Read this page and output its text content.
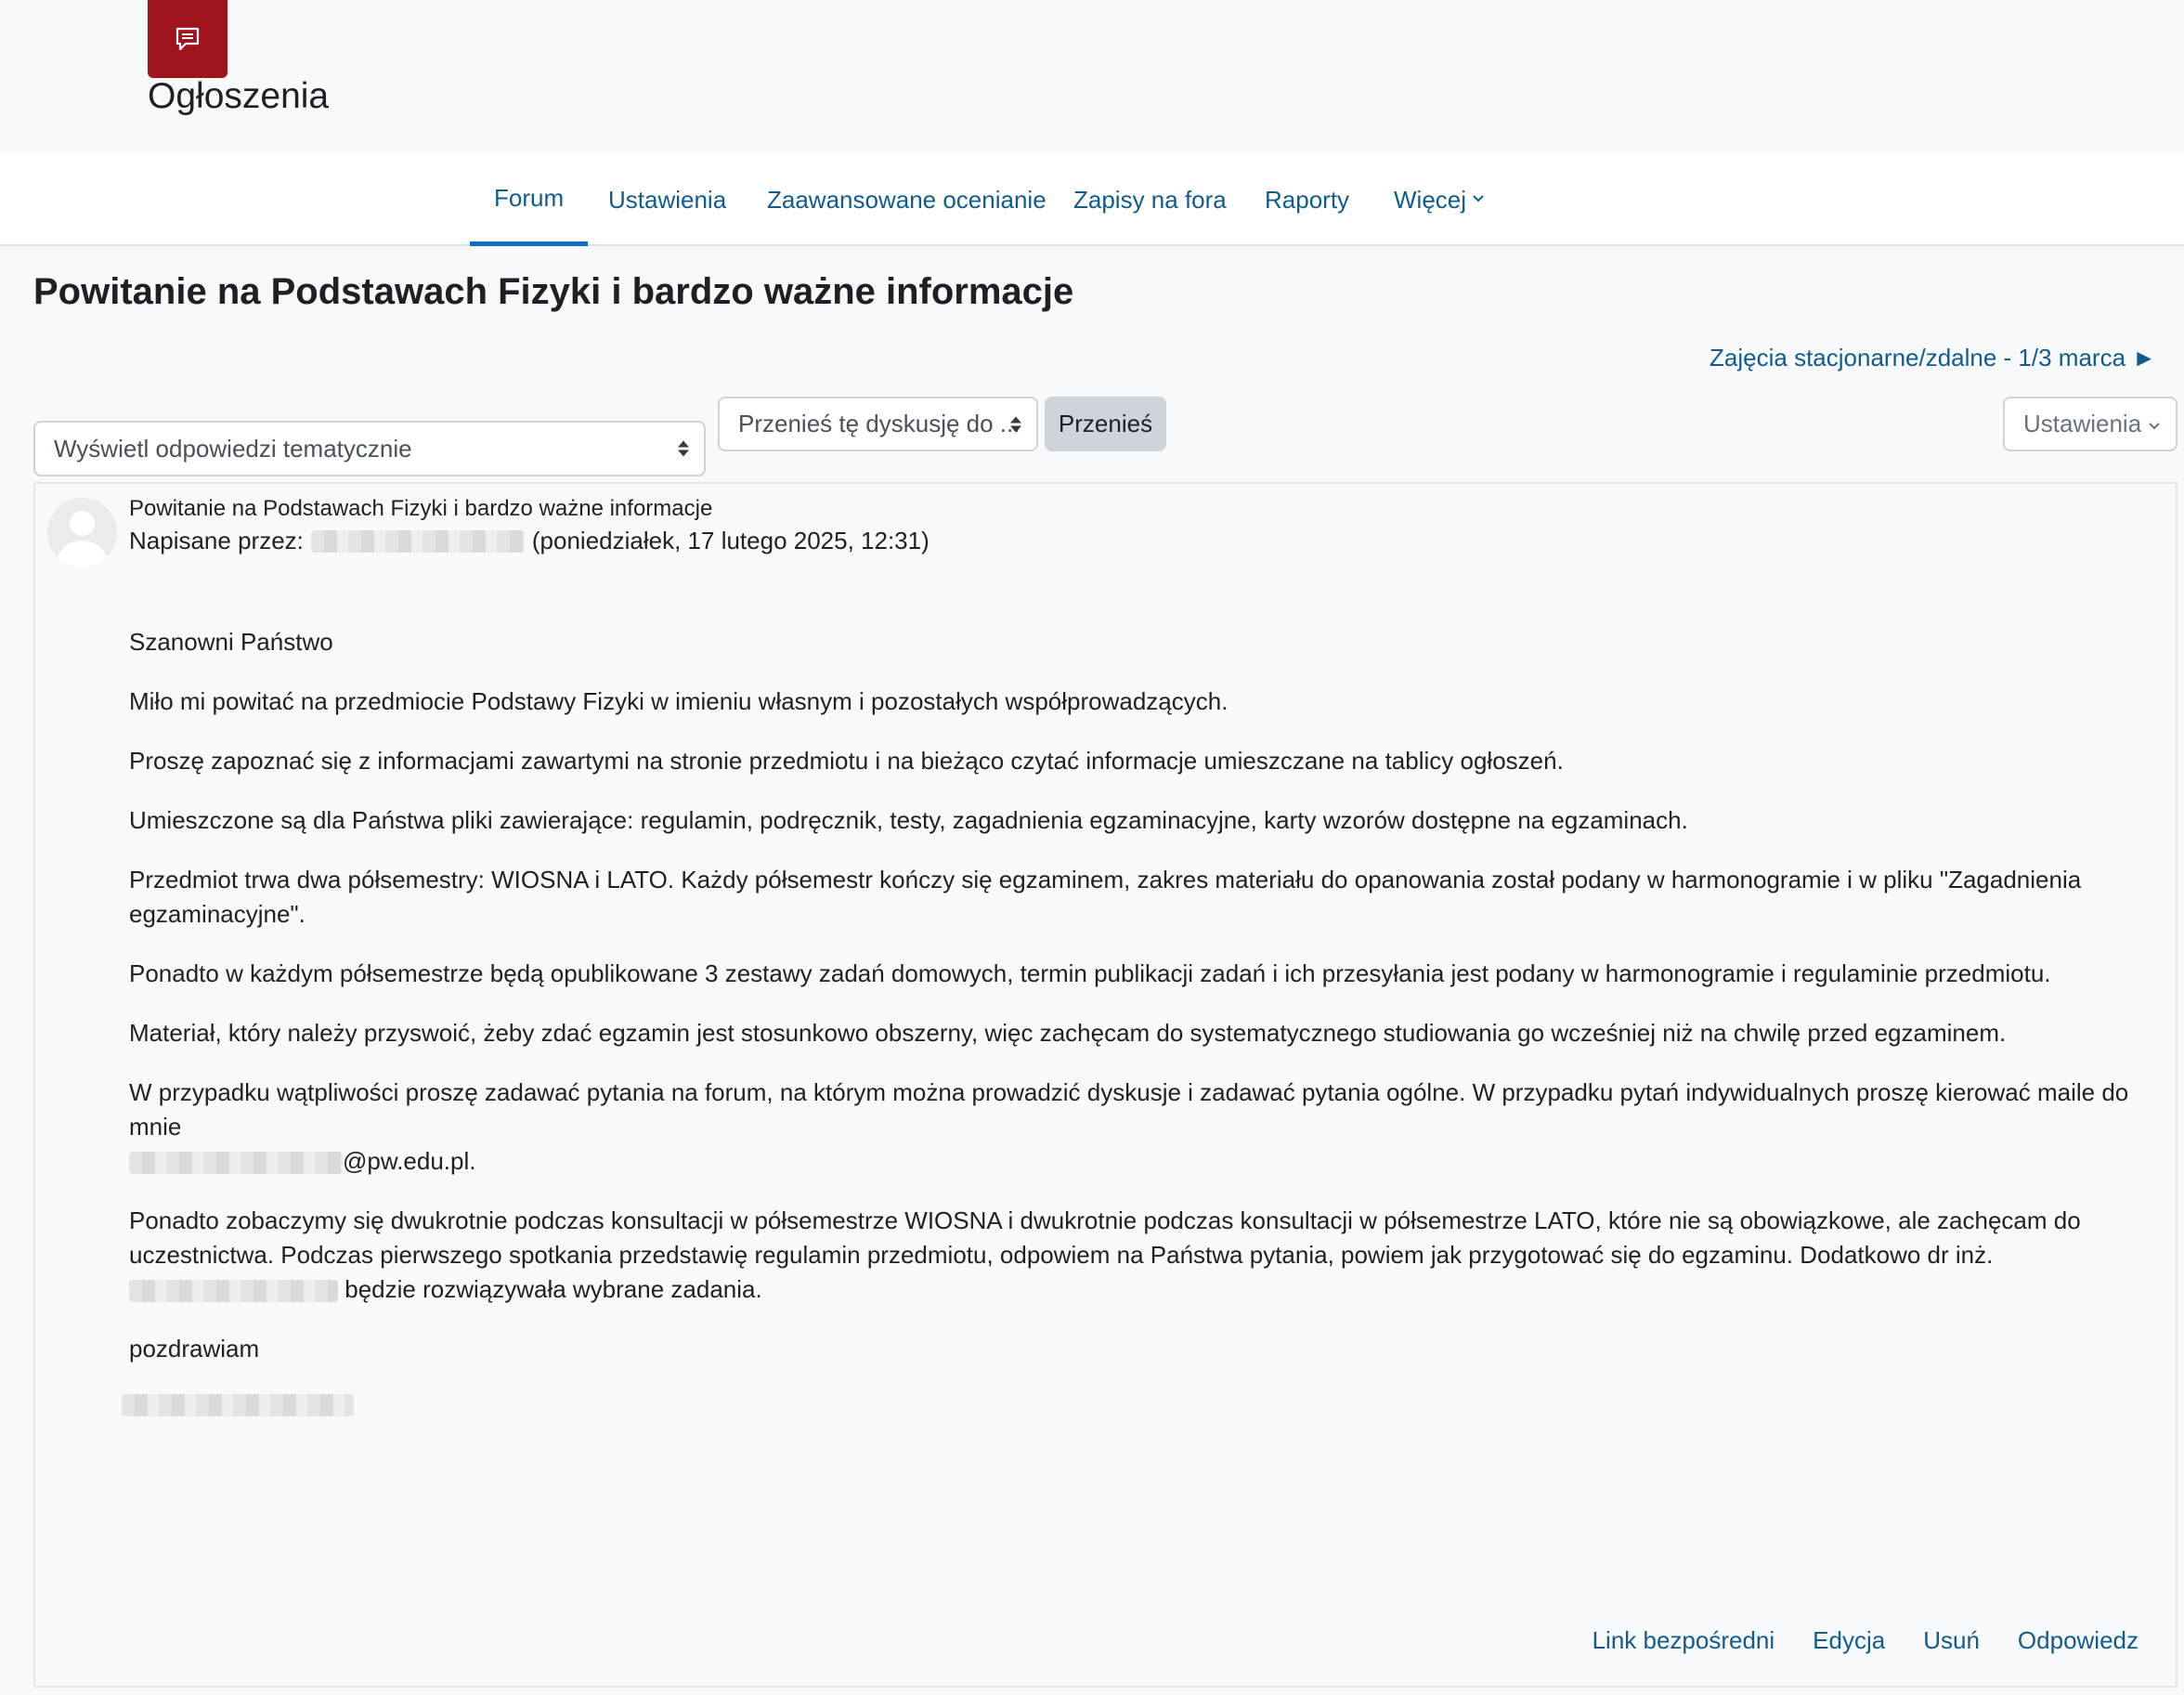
Ogłoszenia
Forum	Ustawienia Zaawansowane ocenianie Zapisy na fora Raporty Więcej
Powitanie na Podstawach Fizyki i bardzo ważne informacje
Zajęcia stacjonarne/zdalne - 1/3 marca ►
Wyświetl odpowiedzi tematycznie
Przenieś tę dyskusję do ...	Przenieś	Ustawienia
Powitanie na Podstawach Fizyki i bardzo ważne informacje
Napisane przez:	(poniedziałek, 17 lutego 2025, 12:31)

Szanowni Państwo

Miło mi powitać na przedmiocie Podstawy Fizyki w imieniu własnym i pozostałych współprowadzących.

Proszę zapoznać się z informacjami zawartymi na stronie przedmiotu i na bieżąco czytać informacje umieszczane na tablicy ogłoszeń.

Umieszczone są dla Państwa pliki zawierające: regulamin, podręcznik, testy, zagadnienia egzaminacyjne, karty wzorów dostępne na egzaminach.

Przedmiot trwa dwa półsemestry: WIOSNA i LATO. Każdy półsemestr kończy się egzaminem, zakres materiału do opanowania został podany w harmonogramie i w pliku "Zagadnienia egzaminacyjne".

Ponadto w każdym półsemestrze będą opublikowane 3 zestawy zadań domowych, termin publikacji zadań i ich przesyłania jest podany w harmonogramie i regulaminie przedmiotu.

Materiał, który należy przyswoić, żeby zdać egzamin jest stosunkowo obszerny, więc zachęcam do systematycznego studiowania go wcześniej niż na chwilę przed egzaminem.

W przypadku wątpliwości proszę zadawać pytania na forum, na którym można prowadzić dyskusje i zadawać pytania ogólne. W przypadku pytań indywidualnych proszę kierować maile do mnie
@pw.edu.pl.

Ponadto zobaczymy się dwukrotnie podczas konsultacji w półsemestrze WIOSNA i dwukrotnie podczas konsultacji w półsemestrze LATO, które nie są obowiązkowe, ale zachęcam do uczestnictwa. Podczas pierwszego spotkania przedstawię regulamin przedmiotu, odpowiem na Państwa pytania, powiem jak przygotować się do egzaminu. Dodatkowo dr inż.  będzie rozwiązywała wybrane zadania.

pozdrawiam

Link bezpośredni Edycja Usuń Odpowiedz
